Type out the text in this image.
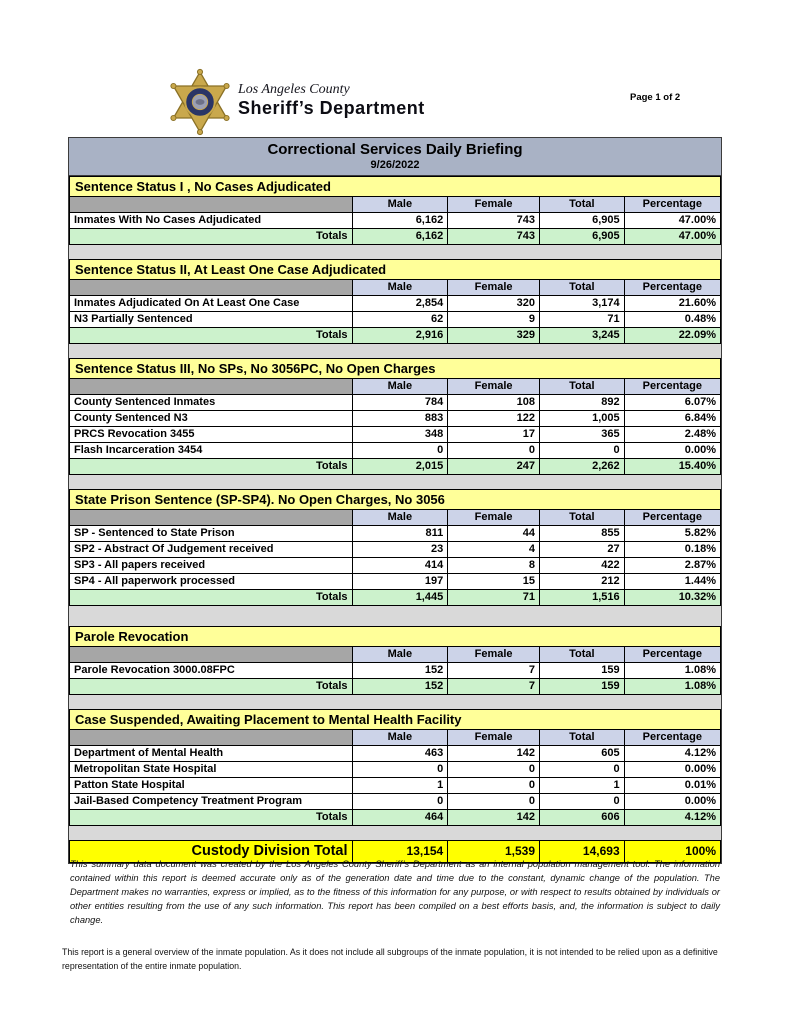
Los Angeles County
Sheriff’s Department
Page 1 of 2
Correctional Services Daily Briefing
9/26/2022
Sentence Status I , No Cases Adjudicated
	Male	Female	Total	Percentage
Inmates With No Cases Adjudicated	6,162	743	6,905	47.00%
Totals	6,162	743	6,905	47.00%
Sentence Status II, At Least One Case Adjudicated
	Male	Female	Total	Percentage
Inmates Adjudicated On At Least One Case	2,854	320	3,174	21.60%
N3 Partially Sentenced	62	9	71	0.48%
Totals	2,916	329	3,245	22.09%
Sentence Status III, No SPs, No 3056PC, No Open Charges
	Male	Female	Total	Percentage
County Sentenced Inmates	784	108	892	6.07%
County Sentenced N3	883	122	1,005	6.84%
PRCS Revocation 3455	348	17	365	2.48%
Flash Incarceration 3454	0	0	0	0.00%
Totals	2,015	247	2,262	15.40%
State Prison Sentence (SP-SP4). No Open Charges, No 3056
	Male	Female	Total	Percentage
SP - Sentenced to State Prison	811	44	855	5.82%
SP2 - Abstract Of Judgement received	23	4	27	0.18%
SP3 - All papers received	414	8	422	2.87%
SP4 - All paperwork processed	197	15	212	1.44%
Totals	1,445	71	1,516	10.32%
Parole Revocation
	Male	Female	Total	Percentage
Parole Revocation 3000.08FPC	152	7	159	1.08%
Totals	152	7	159	1.08%
Case Suspended, Awaiting Placement to Mental Health Facility
	Male	Female	Total	Percentage
Department of Mental Health	463	142	605	4.12%
Metropolitan State Hospital	0	0	0	0.00%
Patton State Hospital	1	0	1	0.01%
Jail-Based Competency Treatment Program	0	0	0	0.00%
Totals	464	142	606	4.12%
Custody Division Total	13,154	1,539	14,693	100%
This summary data document was created by the Los Angeles County Sheriff’s Department as an internal population management tool. The information contained within this report is deemed accurate only as of the generation date and time due to the constant, dynamic change of the population. The Department makes no warranties, express or implied, as to the fitness of this information for any purpose, or with respect to results obtained by individuals or other entities resulting from the use of any such information. This report has been compiled on a best efforts basis, and, the information is subject to daily change.
This report is a general overview of the inmate population. As it does not include all subgroups of the inmate population, it is not intended to be relied upon as a definitive representation of the entire inmate population.
